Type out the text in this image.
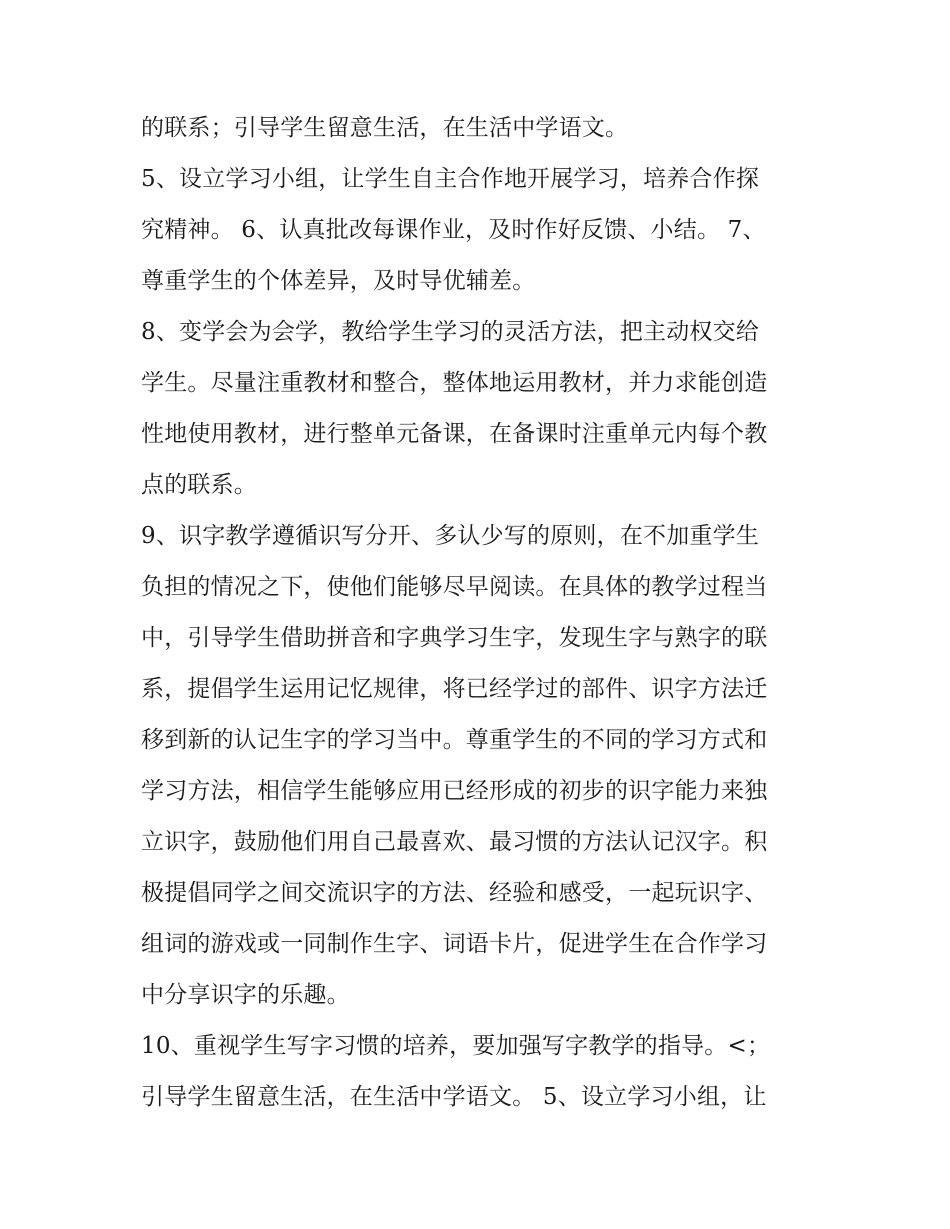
的联系；引导学生留意生活，在生活中学语文。
5、设立学习小组，让学生自主合作地开展学习，培养合作探
究精神。 6、认真批改每课作业，及时作好反馈、小结。 7、
尊重学生的个体差异，及时导优辅差。
8、变学会为会学，教给学生学习的灵活方法，把主动权交给
学生。尽量注重教材和整合，整体地运用教材，并力求能创造
性地使用教材，进行整单元备课，在备课时注重单元内每个教
点的联系。
9、识字教学遵循识写分开、多认少写的原则，在不加重学生
负担的情况之下，使他们能够尽早阅读。在具体的教学过程当
中，引导学生借助拼音和字典学习生字，发现生字与熟字的联
系，提倡学生运用记忆规律，将已经学过的部件、识字方法迁
移到新的认记生字的学习当中。尊重学生的不同的学习方式和
学习方法，相信学生能够应用已经形成的初步的识字能力来独
立识字，鼓励他们用自己最喜欢、最习惯的方法认记汉字。积
极提倡同学之间交流识字的方法、经验和感受，一起玩识字、
组词的游戏或一同制作生字、词语卡片，促进学生在合作学习
中分享识字的乐趣。
10、重视学生写字习惯的培养，要加强写字教学的指导。<；
引导学生留意生活，在生活中学语文。 5、设立学习小组，让
